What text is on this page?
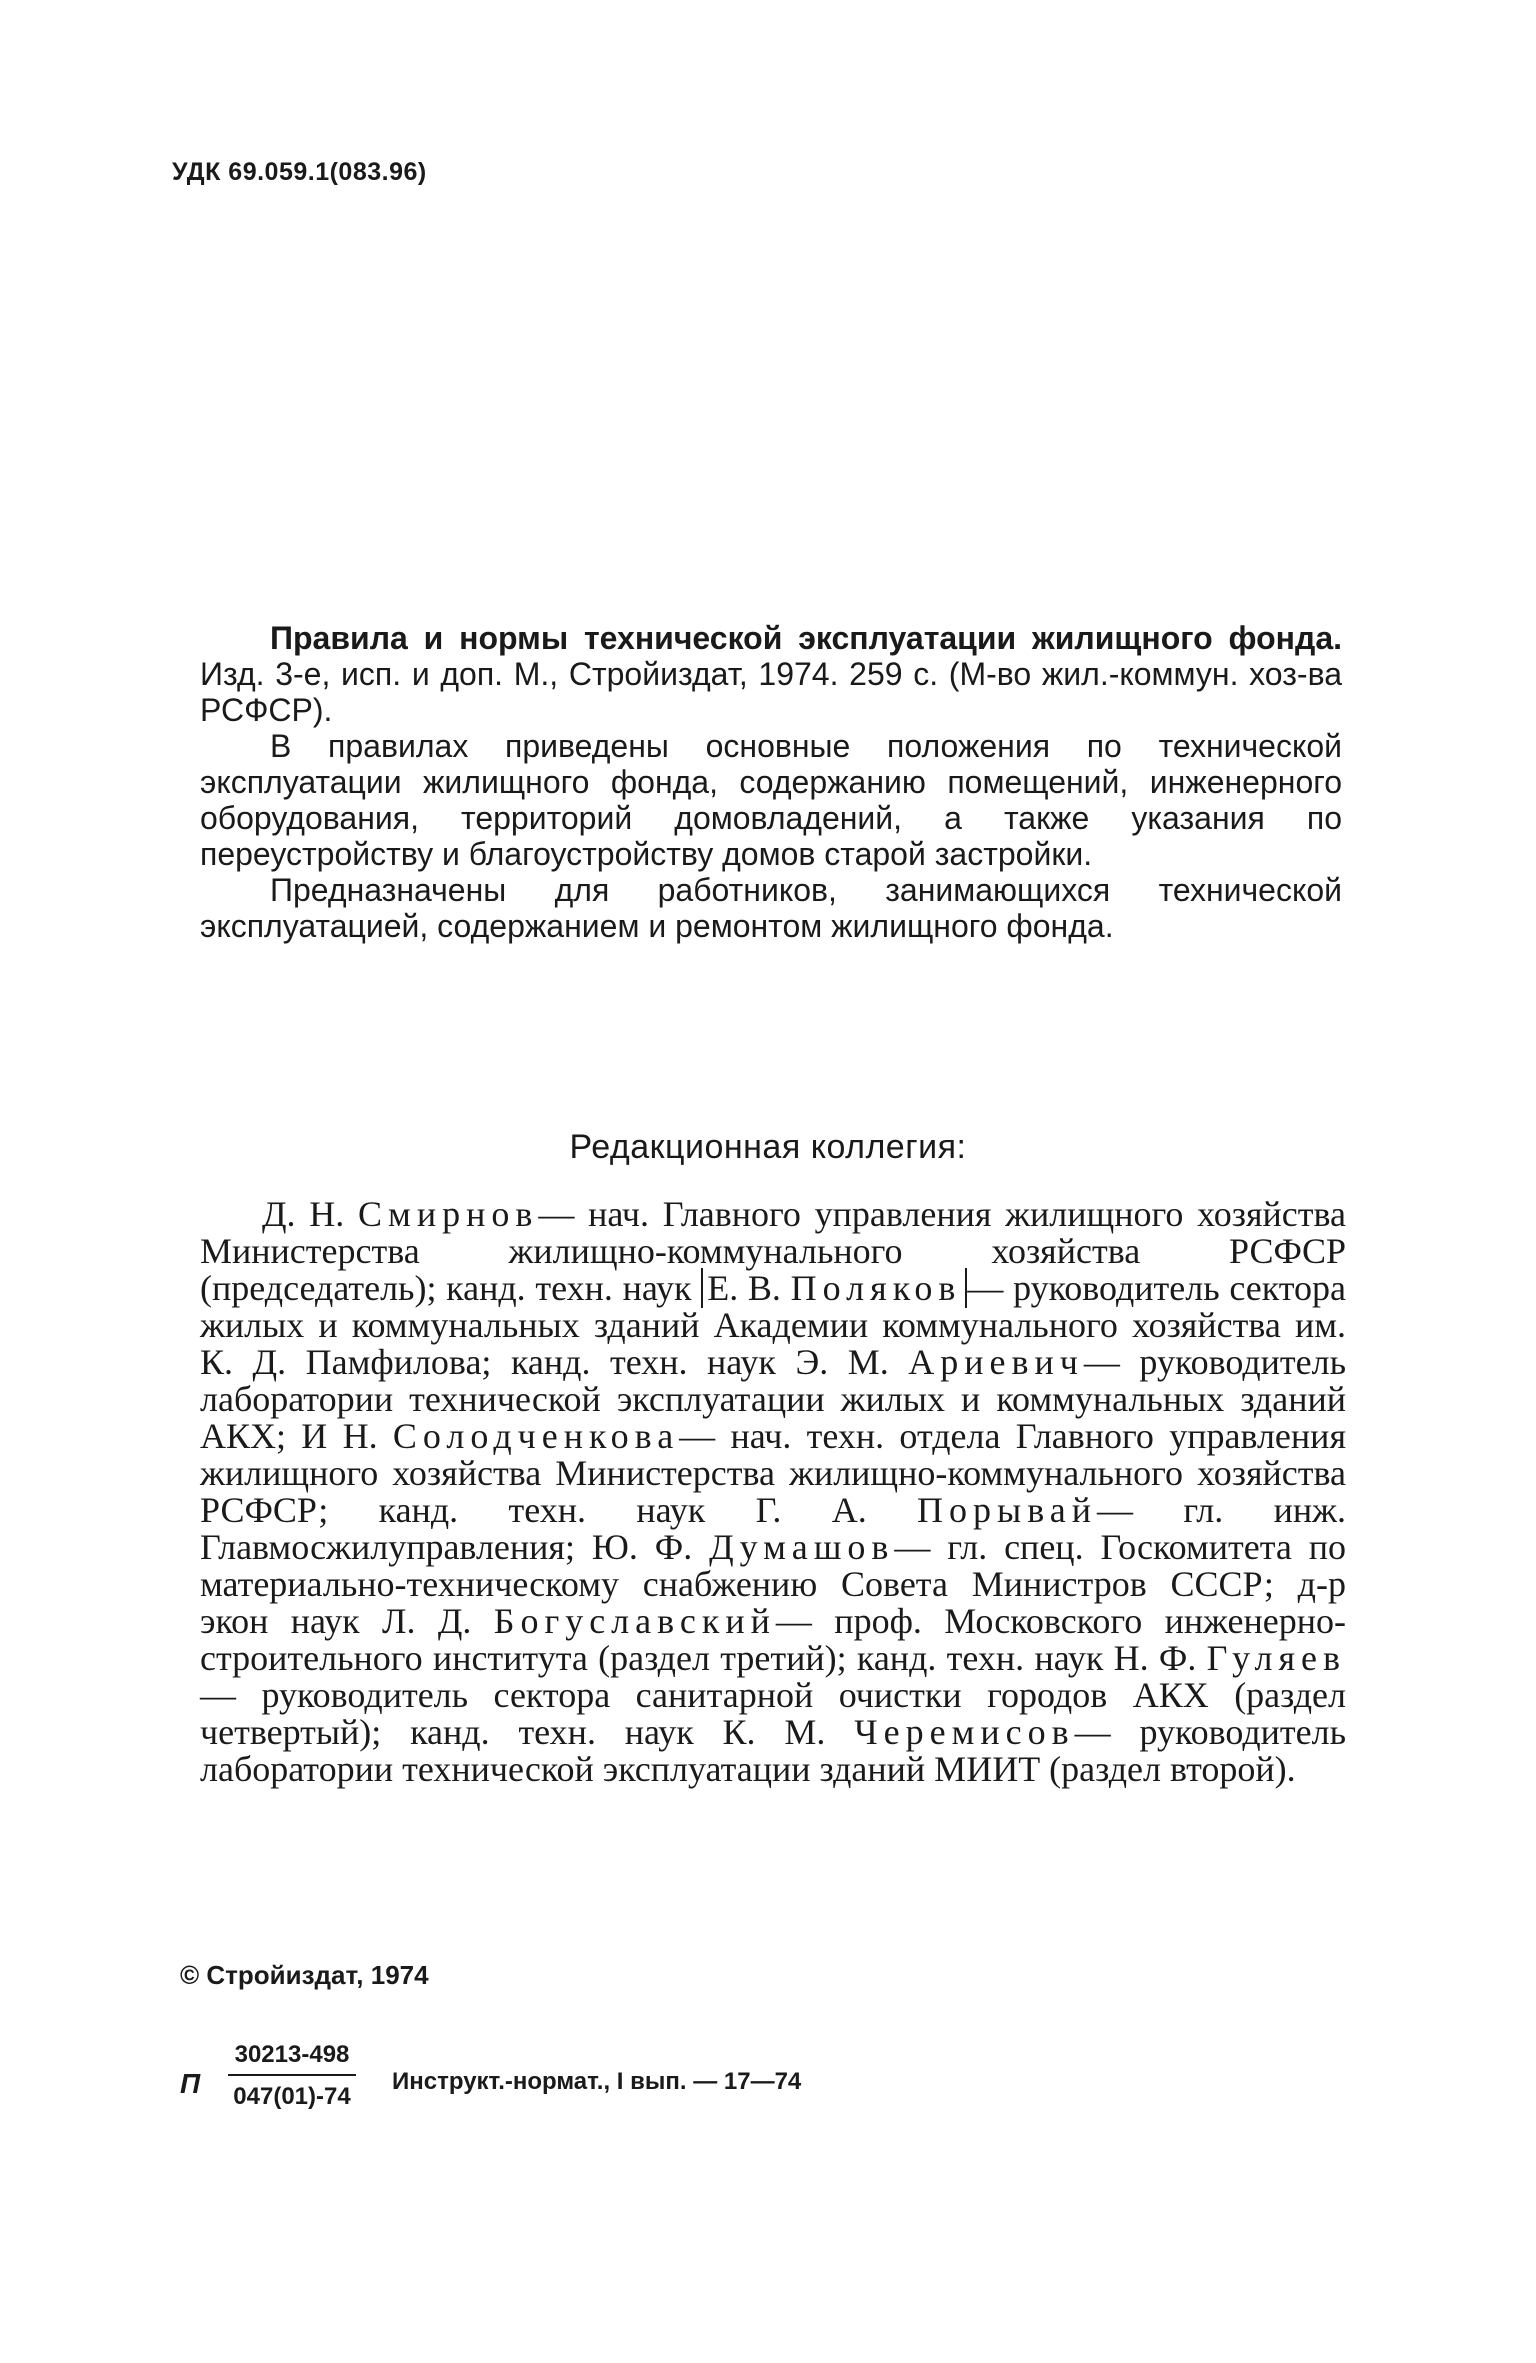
УДК 69.059.1(083.96)

Правила и нормы технической эксплуатации жилищного фонда. Изд. 3-е, исп. и доп. М., Стройиздат, 1974. 259 с. (М-во жил.-коммун. хоз-ва РСФСР).

В правилах приведены основные положения по технической эксплуатации жилищного фонда, содержанию помещений, инженерного оборудования, территорий домовладений, а также указания по переустройству и благоустройству домов старой застройки.

Предназначены для работников, занимающихся технической эксплуатацией, содержанием и ремонтом жилищного фонда.

Редакционная коллегия:

Д. Н. Смирнов— нач. Главного управления жилищного хозяйства Министерства жилищно-коммунального хозяйства РСФСР (председатель); канд. техн. наук Е. В. Поляков — руководитель сектора жилых и коммунальных зданий Академии коммунального хозяйства им. К. Д. Памфилова; канд. техн. наук Э. М. Ариевич— руководитель лаборатории технической эксплуатации жилых и коммунальных зданий АКХ; И Н. Солодченкова— нач. техн. отдела Главного управления жилищного хозяйства Министерства жилищно-коммунального хозяйства РСФСР; канд. техн. наук Г. А. Порывай— гл. инж. Главмосжилуправления; Ю. Ф. Думашов— гл. спец. Госкомитета по материально-техническому снабжению Совета Министров СССР; д-р экон наук Л. Д. Богуславский— проф. Московского инженерно-строительного института (раздел третий); канд. техн. наук Н. Ф. Гуляев— руководитель сектора санитарной очистки городов АКХ (раздел четвертый); канд. техн. наук К. М. Черемисов— руководитель лаборатории технической эксплуатации зданий МИИТ (раздел второй).

© Стройиздат, 1974
П
30213-498
047(01)-74
Инструкт.-нормат., I вып. — 17—74
